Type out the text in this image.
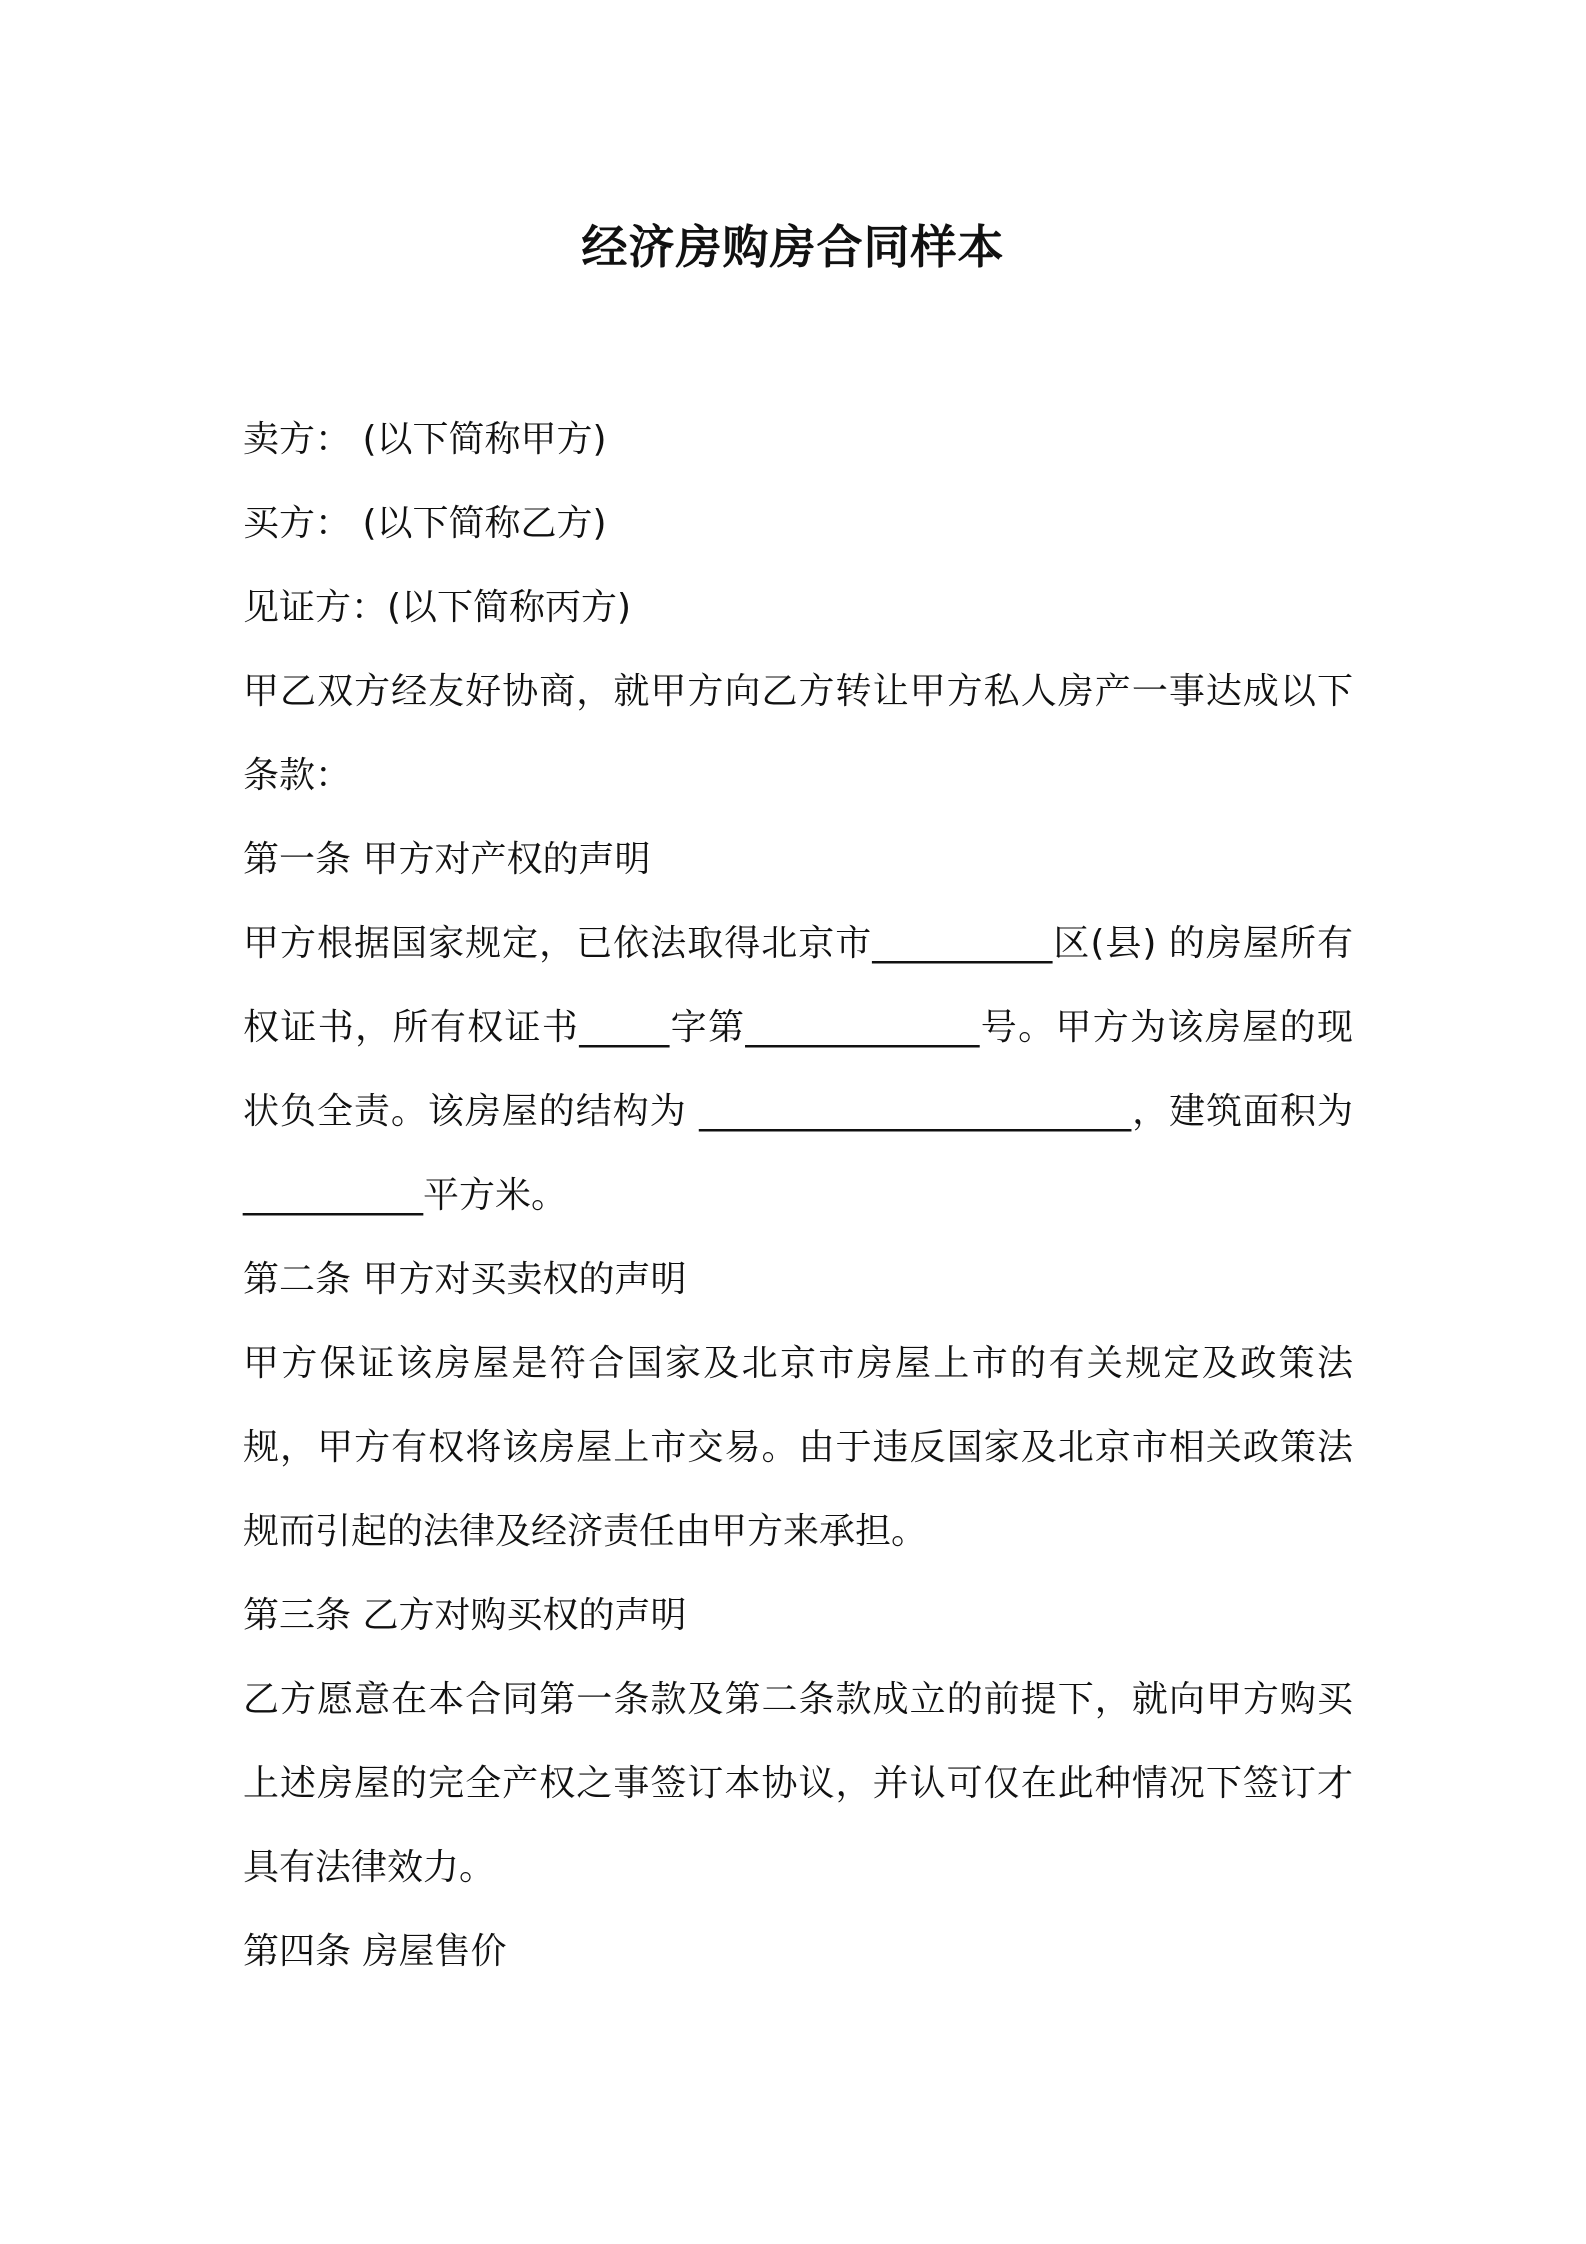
经济房购房合同样本

卖方： (以下简称甲方)

买方： (以下简称乙方)

见证方：(以下简称丙方)

甲乙双方经友好协商，就甲方向乙方转让甲方私人房产一事达成以下条款：

第一条 甲方对产权的声明

甲方根据国家规定，已依法取得北京市__________区(县) 的房屋所有权证书，所有权证书_____字第_____________号。甲方为该房屋的现状负全责。该房屋的结构为 ________________________，建筑面积为__________平方米。

第二条 甲方对买卖权的声明

甲方保证该房屋是符合国家及北京市房屋上市的有关规定及政策法规，甲方有权将该房屋上市交易。由于违反国家及北京市相关政策法规而引起的法律及经济责任由甲方来承担。

第三条 乙方对购买权的声明

乙方愿意在本合同第一条款及第二条款成立的前提下，就向甲方购买上述房屋的完全产权之事签订本协议，并认可仅在此种情况下签订才具有法律效力。

第四条 房屋售价
